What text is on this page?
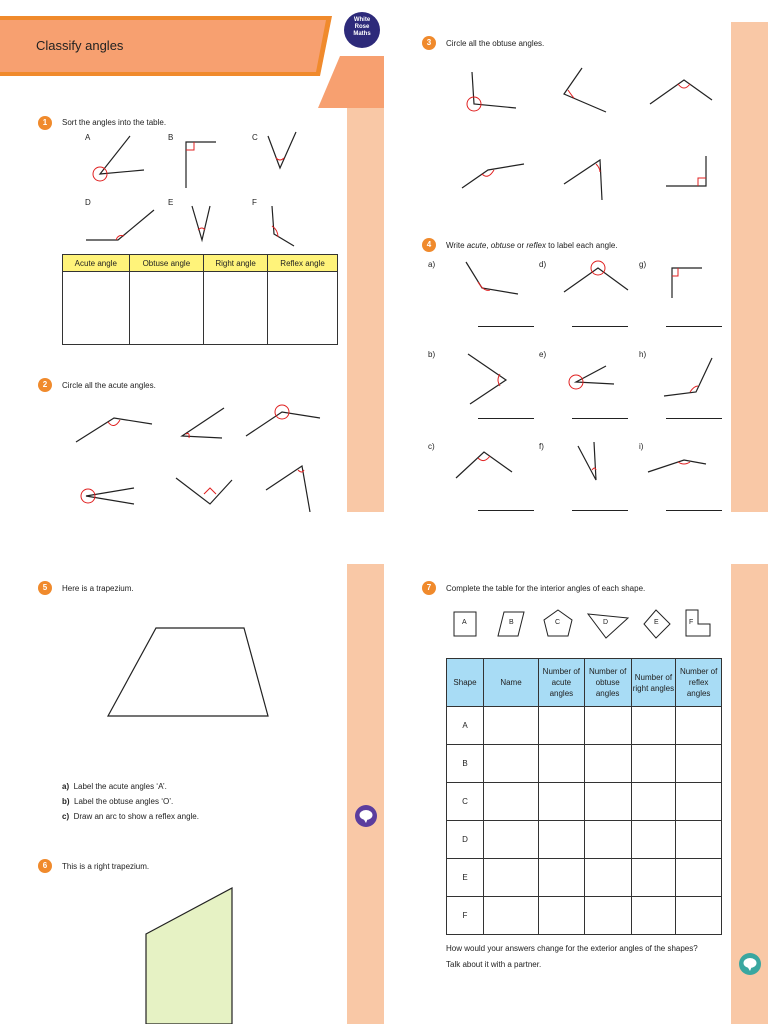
Classify angles
White
Rose
Maths
1	Sort the angles into the table.
A	B	C
D	E	F
Acute angle	Obtuse angle	Right angle	Reflex angle

2	Circle all the acute angles.
3	Circle all the obtuse angles.
4	Write acute, obtuse or reflex to label each angle.
a)
b)
c)
d)
e)
f)
g)
h)
i)
5	Here is a trapezium.
a) Label the acute angles ‘A’.
b) Label the obtuse angles ‘O’.
c) Draw an arc to show a reflex angle.
6	This is a right trapezium.
7	Complete the table for the interior angles of each shape.
A	B	C	D	E	F
Shape	Name	Number of acute angles	Number of obtuse angles	Number of right angles	Number of reflex angles
A					
B					
C					
D					
E					
F					
How would your answers change for the exterior angles of the shapes?
Talk about it with a partner.
